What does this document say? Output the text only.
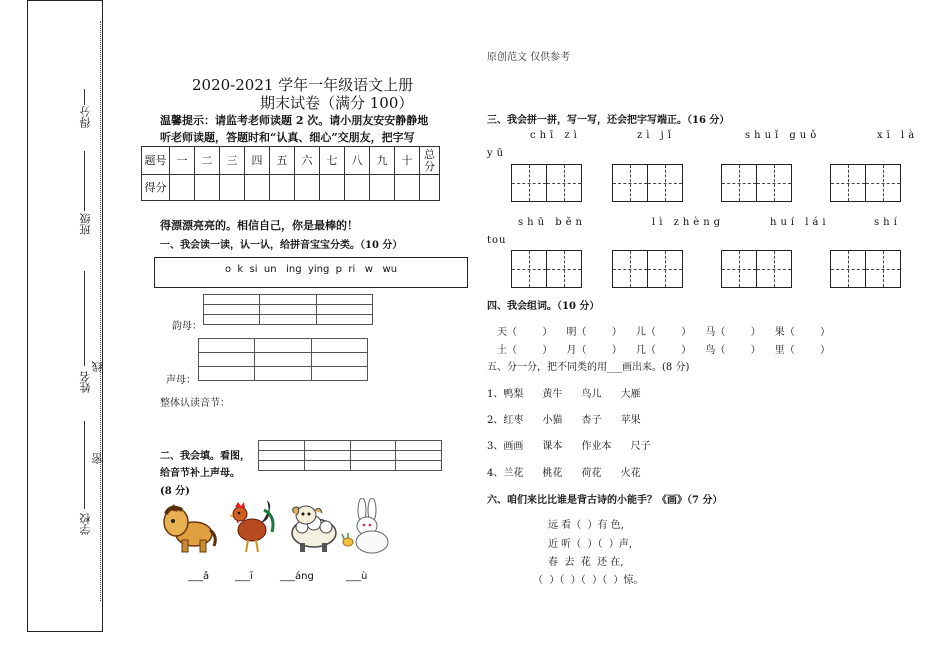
得分
班级
姓名
线
密
学校
原创范文 仅供参考
2020-2021 学年一年级语文上册
期末试卷（满分 100）
温馨提示：请监考老师读题 2 次。请小朋友安安静静地
听老师读题，答题时和“认真、细心”交朋友，把字写
题号	一	二	三	四	五	六	七	八	九	十	总分
得分											
得漂漂亮亮的。相信自己，你是最棒的！
一、我会读一读，认一认，给拼音宝宝分类。（10 分）
o  k  si  un   ing  ying  p  ri   w   wu

韵母：

声母：
整体认读音节：
二、我会填。看图，
给音节补上声母。
(8 分)

___ǎ	___ī	___áng	___ù
三、我会拼一拼，写一写，还会把字写端正。（16 分）
chī zì	zì jǐ	shuǐ guǒ	xī là
yū
shū běn	lì zhèng	huí lái	shí
tou
四、我会组词。（10 分）
天（        ） 明（        ） 儿（        ） 马（        ） 果（        ）
土（        ） 月（        ） 几（        ） 鸟（        ） 里（        ）
五、分一分，把不同类的用___画出来。(8 分)
1、鸭梨      黄牛      鸟儿      大雁
2、红枣      小猫      杏子      苹果
3、画画      课本      作业本      尺子
4、兰花      桃花      荷花      火花
六、咱们来比比谁是背古诗的小能手？《画》（7 分）
远 看（  ）有 色,
近 听（  ）（  ）声,
春  去  花  还 在,
（  ）（  ）（  ）（  ）惊。
